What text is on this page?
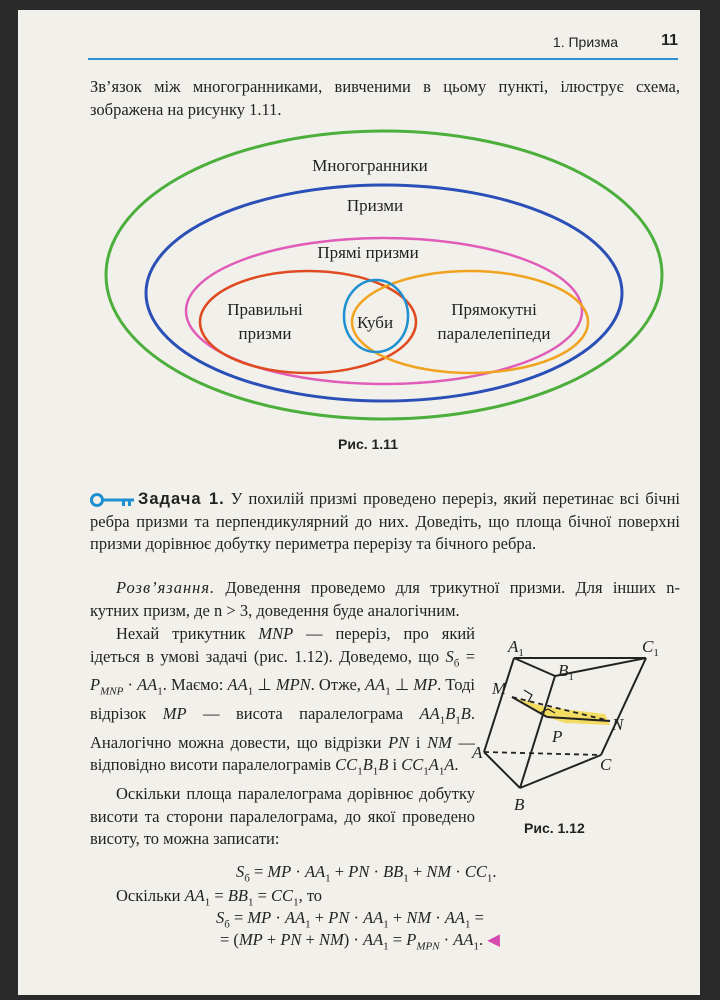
1. Призма	11
Зв’язок між многогранниками, вивченими в цьому пункті, ілюструє схема, зображена на рисунку 1.11.
Многогранники
Призми
Прямі призми
Правильні
призми
Куби
Прямокутні
паралелепіпеди
Рис. 1.11
Задача 1. У похилій призмі проведено переріз, який перетинає всі бічні ребра призми та перпендикулярний до них. Доведіть, що площа бічної поверхні призми дорівнює добутку периметра перерізу та бічного ребра.

Розв’язання. Доведення проведемо для трикутної призми. Для інших n-кутних призм, де n > 3, доведення буде аналогічним.

Нехай трикутник MNP — переріз, про який ідеться в умові задачі (рис. 1.12). Доведемо, що $S_б = P_{MNP} \cdot AA_1$. Маємо: $AA_1$ ⊥ MPN. Отже, $AA_1$ ⊥ MP. Тоді відрізок MP — висота паралелограма $AA_1B_1B$. Аналогічно можна довести, що відрізки PN і NM — відповідно висоти паралелограмів $CC_1B_1B$ і $CC_1A_1A$.

Оскільки площа паралелограма дорівнює добутку висоти та сторони паралелограма, до якої проведено висоту, то можна записати:

$A_1$	$C_1$
$B_1$
M
N
P
A
C
B
Рис. 1.12
$S_б$ = MP · $AA_1$ + PN · $BB_1$ + NM · $CC_1$.
Оскільки $AA_1 = BB_1 = CC_1$, то
$S_б$ = MP · $AA_1$ + PN · $AA_1$ + NM · $AA_1$ =
= (MP + PN + $NM) \cdot AA_1 = P_{MPN} \cdot AA_1$. ◀
